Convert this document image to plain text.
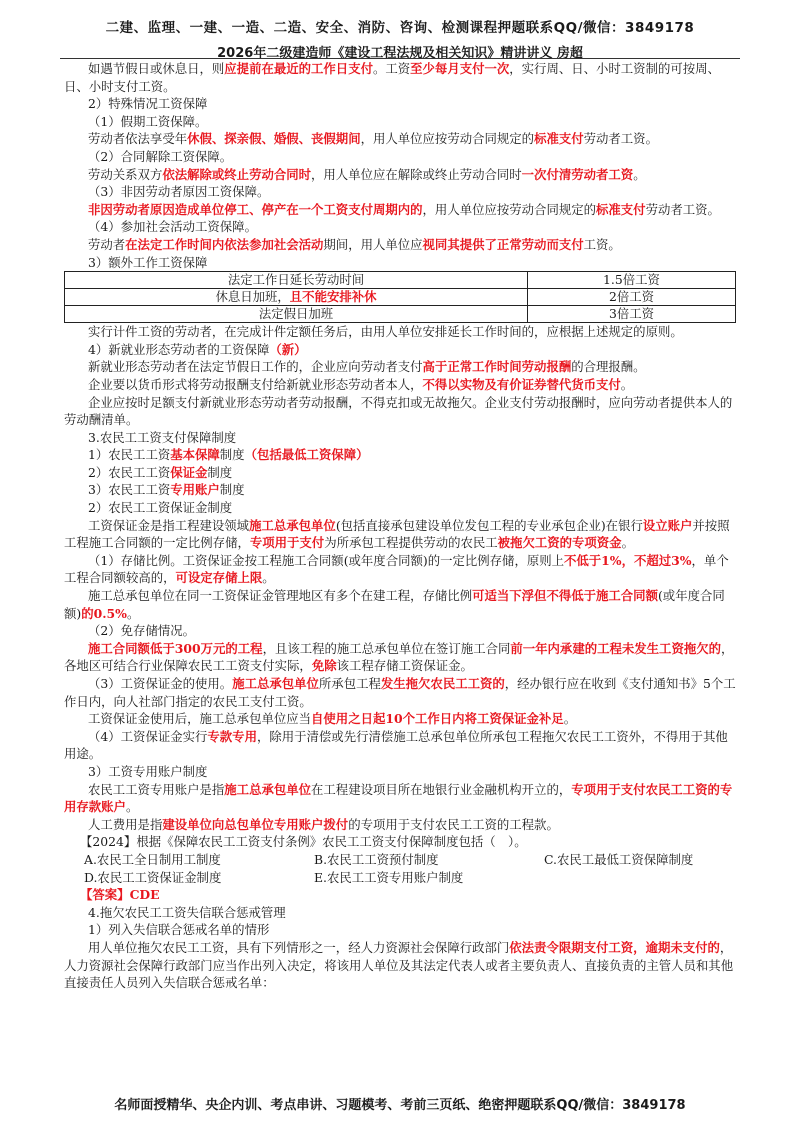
二建、监理、一建、一造、二造、安全、消防、咨询、检测课程押题联系QQ/微信：3849178
2026年二级建造师《建设工程法规及相关知识》精讲讲义 房超

如遇节假日或休息日，则应提前在最近的工作日支付。工资至少每月支付一次，实行周、日、小时工资制的可按周、日、小时支付工资。

2）特殊情况工资保障

（1）假期工资保障。

劳动者依法享受年休假、探亲假、婚假、丧假期间，用人单位应按劳动合同规定的标准支付劳动者工资。

（2）合同解除工资保障。

劳动关系双方依法解除或终止劳动合同时，用人单位应在解除或终止劳动合同时一次付清劳动者工资。

（3）非因劳动者原因工资保障。

非因劳动者原因造成单位停工、停产在一个工资支付周期内的，用人单位应按劳动合同规定的标准支付劳动者工资。

（4）参加社会活动工资保障。

劳动者在法定工作时间内依法参加社会活动期间，用人单位应视同其提供了正常劳动而支付工资。

3）额外工作工资保障

法定工作日延长劳动时间	1.5倍工资
休息日加班，且不能安排补休	2倍工资
法定假日加班	3倍工资

实行计件工资的劳动者，在完成计件定额任务后，由用人单位安排延长工作时间的，应根据上述规定的原则。

4）新就业形态劳动者的工资保障（新）

新就业形态劳动者在法定节假日工作的，企业应向劳动者支付高于正常工作时间劳动报酬的合理报酬。

企业要以货币形式将劳动报酬支付给新就业形态劳动者本人，不得以实物及有价证券替代货币支付。

企业应按时足额支付新就业形态劳动者劳动报酬，不得克扣或无故拖欠。企业支付劳动报酬时，应向劳动者提供本人的劳动酬清单。

3.农民工工资支付保障制度

1）农民工工资基本保障制度（包括最低工资保障）

2）农民工工资保证金制度

3）农民工工资专用账户制度

2）农民工工资保证金制度

工资保证金是指工程建设领域施工总承包单位(包括直接承包建设单位发包工程的专业承包企业)在银行设立账户并按照工程施工合同额的一定比例存储，专项用于支付为所承包工程提供劳动的农民工被拖欠工资的专项资金。

（1）存储比例。工资保证金按工程施工合同额(或年度合同额)的一定比例存储，原则上不低于1%，不超过3%，单个工程合同额较高的，可设定存储上限。

施工总承包单位在同一工资保证金管理地区有多个在建工程，存储比例可适当下浮但不得低于施工合同额(或年度合同额)的0.5%。

（2）免存储情况。

施工合同额低于300万元的工程，且该工程的施工总承包单位在签订施工合同前一年内承建的工程未发生工资拖欠的，各地区可结合行业保障农民工工资支付实际，免除该工程存储工资保证金。

（3）工资保证金的使用。施工总承包单位所承包工程发生拖欠农民工工资的，经办银行应在收到《支付通知书》5个工作日内，向人社部门指定的农民工支付工资。

工资保证金使用后，施工总承包单位应当自使用之日起10个工作日内将工资保证金补足。

（4）工资保证金实行专款专用，除用于清偿或先行清偿施工总承包单位所承包工程拖欠农民工工资外，不得用于其他用途。

3）工资专用账户制度

农民工工资专用账户是指施工总承包单位在工程建设项目所在地银行业金融机构开立的，专项用于支付农民工工资的专用存款账户。

人工费用是指建设单位向总包单位专用账户拨付的专项用于支付农民工工资的工程款。

【2024】根据《保障农民工工资支付条例》农民工工资支付保障制度包括（　）。

A.农民工全日制用工制度	B.农民工工资预付制度	C.农民工最低工资保障制度
D.农民工工资保证金制度	E.农民工工资专用账户制度

【答案】CDE

4.拖欠农民工工资失信联合惩戒管理

1）列入失信联合惩戒名单的情形

用人单位拖欠农民工工资，具有下列情形之一，经人力资源社会保障行政部门依法责令限期支付工资，逾期未支付的，人力资源社会保障行政部门应当作出列入决定，将该用人单位及其法定代表人或者主要负责人、直接负责的主管人员和其他直接责任人员列入失信联合惩戒名单：

名师面授精华、央企内训、考点串讲、习题模考、考前三页纸、绝密押题联系QQ/微信：3849178
